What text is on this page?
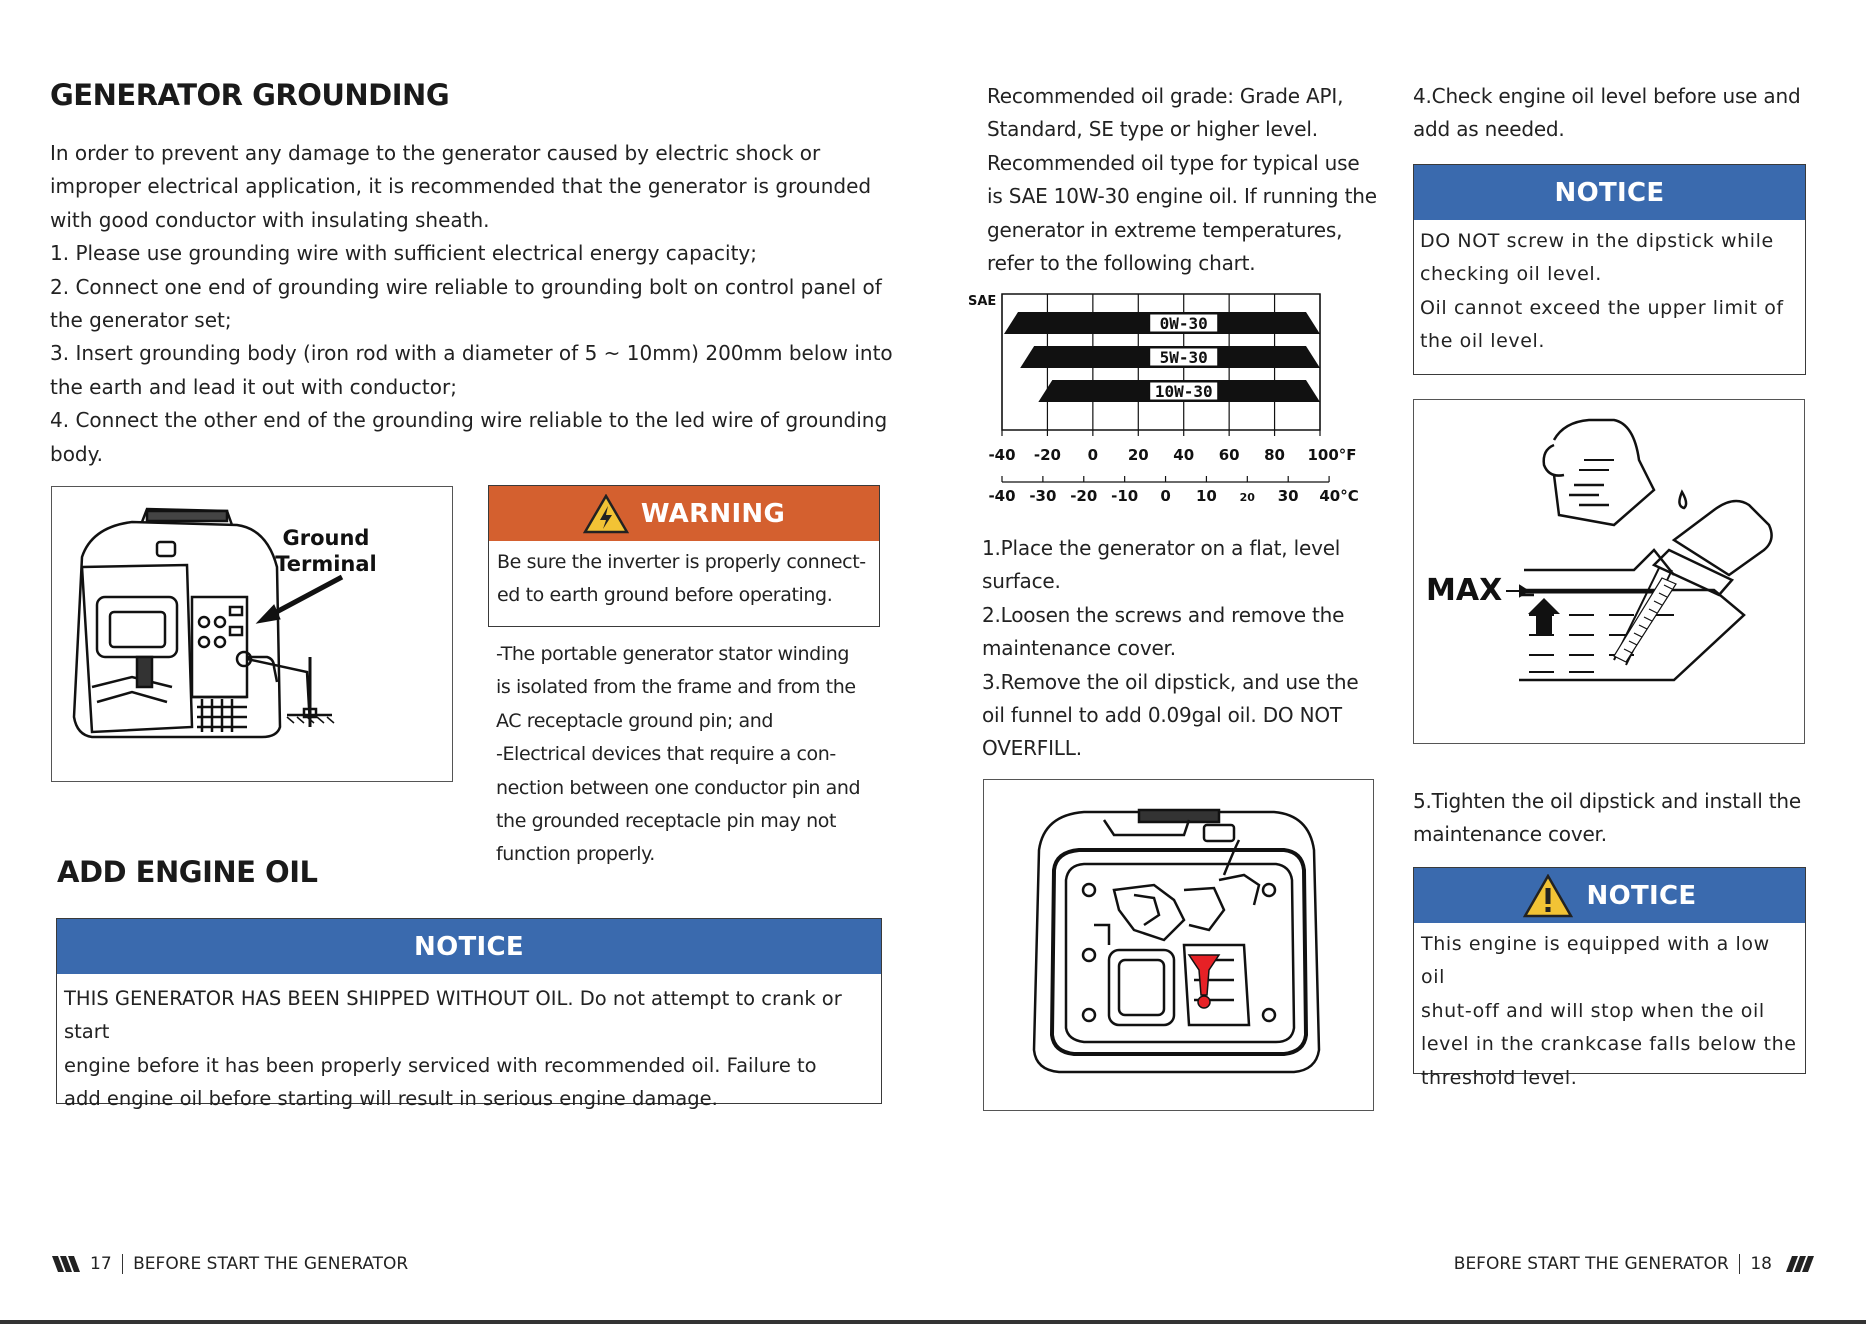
GENERATOR GROUNDING

In order to prevent any damage to the generator caused by electric shock or

improper electrical application, it is recommended that the generator is grounded

with good conductor with insulating sheath.

1. Please use grounding wire with sufficient electrical energy capacity;

2. Connect one end of grounding wire reliable to grounding bolt on control panel of

the generator set;

3. Insert grounding body (iron rod with a diameter of 5 ~ 10mm) 200mm below into

the earth and lead it out with conductor;

4. Connect the other end of the grounding wire reliable to the led wire of grounding

body.

Ground
Terminal
WARNING
Be sure the inverter is properly connect-
ed to earth ground before operating.

-The portable generator stator winding

is isolated from the frame and from the

AC receptacle ground pin; and

-Electrical devices that require a con-

nection between one conductor pin and

the grounded receptacle pin may not

function properly.

ADD ENGINE OIL
NOTICE
THIS GENERATOR HAS BEEN SHIPPED WITHOUT OIL. Do not attempt to crank or start
engine before it has been properly serviced with recommended oil. Failure to
add engine oil before starting will result in serious engine damage.
17 BEFORE START THE GENERATOR

Recommended oil grade: Grade API,

Standard, SE type or higher level.

Recommended oil type for typical use

is SAE 10W-30 engine oil. If running the

generator in extreme temperatures,

refer to the following chart.

SAE
0W-30
5W-30
10W-30
-40 -20 0 20 40 60 80 100°F
-40 -30 -20 -10 0 10 20 30 40°C

1.Place the generator on a flat, level

surface.

2.Loosen the screws and remove the

maintenance cover.

3.Remove the oil dipstick, and use the

oil funnel to add 0.09gal oil. DO NOT

OVERFILL.

4.Check engine oil level before use and

add as needed.

NOTICE
DO NOT screw in the dipstick while
checking oil level.
Oil cannot exceed the upper limit of
the oil level.
MAX

5.Tighten the oil dipstick and install the

maintenance cover.

NOTICE
This engine is equipped with a low oil
shut-off and will stop when the oil
level in the crankcase falls below the
threshold level.
BEFORE START THE GENERATOR 18
